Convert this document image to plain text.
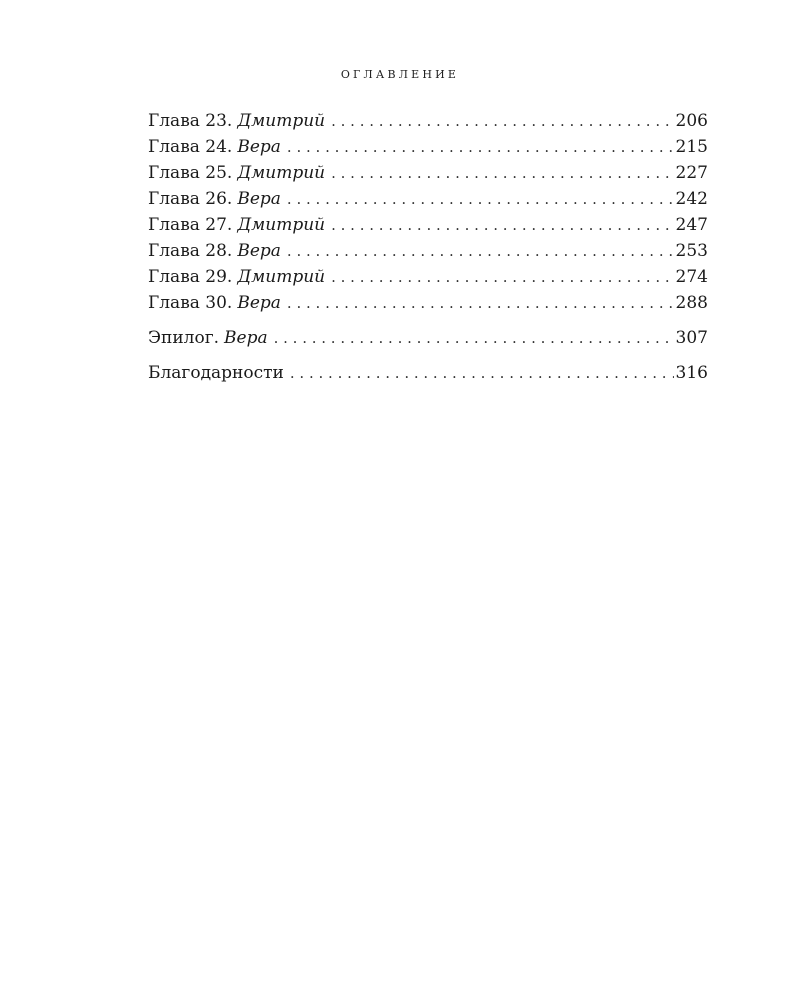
ОГЛАВЛЕНИЕ
Глава 23. Дмитрий . . .	206
Глава 24. Вера . . .	215
Глава 25. Дмитрий . . .	227
Глава 26. Вера . . .	242
Глава 27. Дмитрий . . .	247
Глава 28. Вера . . .	253
Глава 29. Дмитрий . . .	274
Глава 30. Вера . . .	288
Эпилог. Вера . . .	307
Благодарности . . .	316
